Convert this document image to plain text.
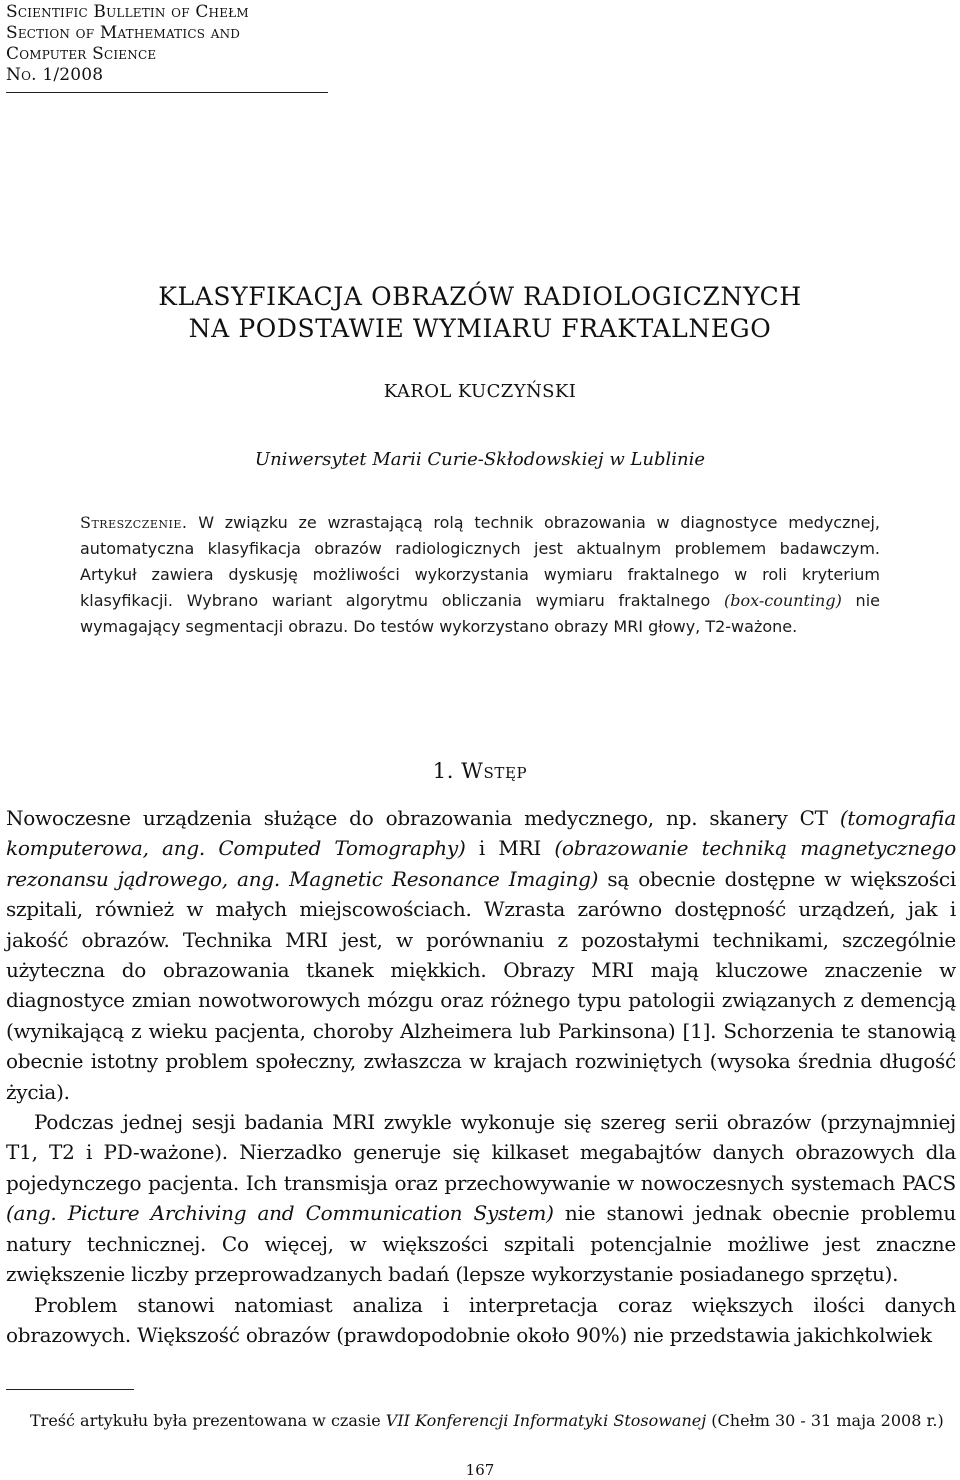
Scientific Bulletin of Chełm
Section of Mathematics and
Computer Science
No. 1/2008
KLASYFIKACJA OBRAZÓW RADIOLOGICZNYCH
NA PODSTAWIE WYMIARU FRAKTALNEGO
KAROL KUCZYŃSKI
Uniwersytet Marii Curie-Skłodowskiej w Lublinie
Streszczenie. W związku ze wzrastającą rolą technik obrazowania w diagnostyce medycznej, automatyczna klasyfikacja obrazów radiologicznych jest aktualnym problemem badawczym. Artykuł zawiera dyskusję możliwości wykorzystania wymiaru fraktalnego w roli kryterium klasyfikacji. Wybrano wariant algorytmu obliczania wymiaru fraktalnego (box-counting) nie wymagający segmentacji obrazu. Do testów wykorzystano obrazy MRI głowy, T2-ważone.
1. Wstęp

Nowoczesne urządzenia służące do obrazowania medycznego, np. skanery CT (tomografia komputerowa, ang. Computed Tomography) i MRI (obrazowanie techniką magnetycznego rezonansu jądrowego, ang. Magnetic Resonance Imaging) są obecnie dostępne w większości szpitali, również w małych miejscowościach. Wzrasta zarówno dostępność urządzeń, jak i jakość obrazów. Technika MRI jest, w porównaniu z pozostałymi technikami, szczególnie użyteczna do obrazowania tkanek miękkich. Obrazy MRI mają kluczowe znaczenie w diagnostyce zmian nowotworowych mózgu oraz różnego typu patologii związanych z demencją (wynikającą z wieku pacjenta, choroby Alzheimera lub Parkinsona) [1]. Schorzenia te stanowią obecnie istotny problem społeczny, zwłaszcza w krajach rozwiniętych (wysoka średnia długość życia).

Podczas jednej sesji badania MRI zwykle wykonuje się szereg serii obrazów (przynajmniej T1, T2 i PD-ważone). Nierzadko generuje się kilkaset megabajtów danych obrazowych dla pojedynczego pacjenta. Ich transmisja oraz przechowywanie w nowoczesnych systemach PACS (ang. Picture Archiving and Communication System) nie stanowi jednak obecnie problemu natury technicznej. Co więcej, w większości szpitali potencjalnie możliwe jest znaczne zwiększenie liczby przeprowadzanych badań (lepsze wykorzystanie posiadanego sprzętu).

Problem stanowi natomiast analiza i interpretacja coraz większych ilości danych obrazowych. Większość obrazów (prawdopodobnie około 90%) nie przedstawia jakichkolwiek

Treść artykułu była prezentowana w czasie VII Konferencji Informatyki Stosowanej (Chełm 30 - 31 maja 2008 r.)
167
